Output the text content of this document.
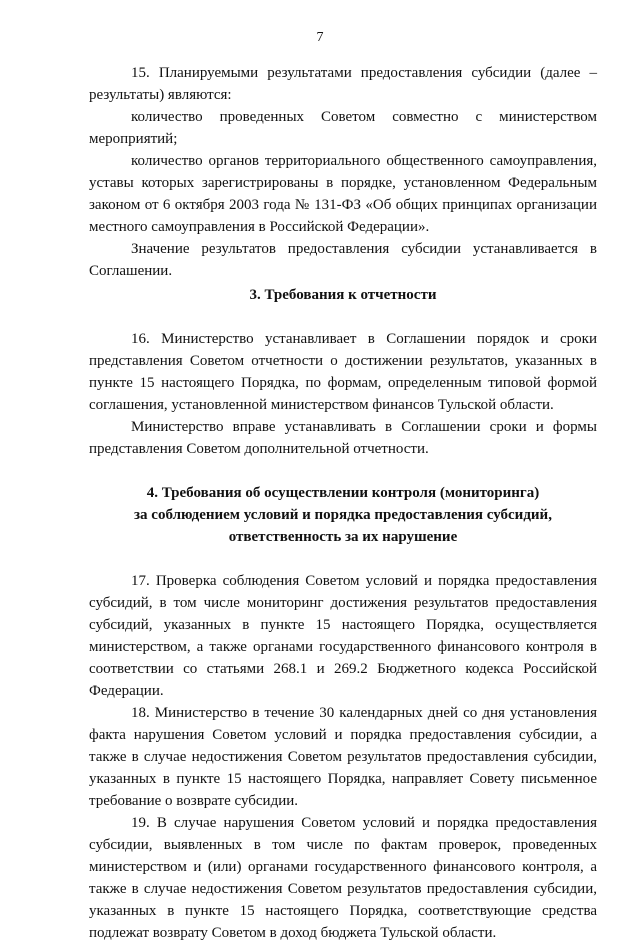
7

15. Планируемыми результатами предоставления субсидии (далее – результаты) являются:

количество проведенных Советом совместно с министерством мероприятий;

количество органов территориального общественного самоуправления, уставы которых зарегистрированы в порядке, установленном Федеральным законом от 6 октября 2003 года № 131-ФЗ «Об общих принципах организации местного самоуправления в Российской Федерации».

Значение результатов предоставления субсидии устанавливается в Соглашении.

3. Требования к отчетности

16. Министерство устанавливает в Соглашении порядок и сроки представления Советом отчетности о достижении результатов, указанных в пункте 15 настоящего Порядка, по формам, определенным типовой формой соглашения, установленной министерством финансов Тульской области.

Министерство вправе устанавливать в Соглашении сроки и формы представления Советом дополнительной отчетности.

4. Требования об осуществлении контроля (мониторинга)

за соблюдением условий и порядка предоставления субсидий,

ответственность за их нарушение

17. Проверка соблюдения Советом условий и порядка предоставления субсидий, в том числе мониторинг достижения результатов предоставления субсидий, указанных в пункте 15 настоящего Порядка, осуществляется министерством, а также органами государственного финансового контроля в соответствии со статьями 268.1 и 269.2 Бюджетного кодекса Российской Федерации.

18. Министерство в течение 30 календарных дней со дня установления факта нарушения Советом условий и порядка предоставления субсидии, а также в случае недостижения Советом результатов предоставления субсидии, указанных в пункте 15 настоящего Порядка, направляет Совету письменное требование о возврате субсидии.

19. В случае нарушения Советом условий и порядка предоставления субсидии, выявленных в том числе по фактам проверок, проведенных министерством и (или) органами государственного финансового контроля, а также в случае недостижения Советом результатов предоставления субсидии, указанных в пункте 15 настоящего Порядка, соответствующие средства подлежат возврату Советом в доход бюджета Тульской области.
